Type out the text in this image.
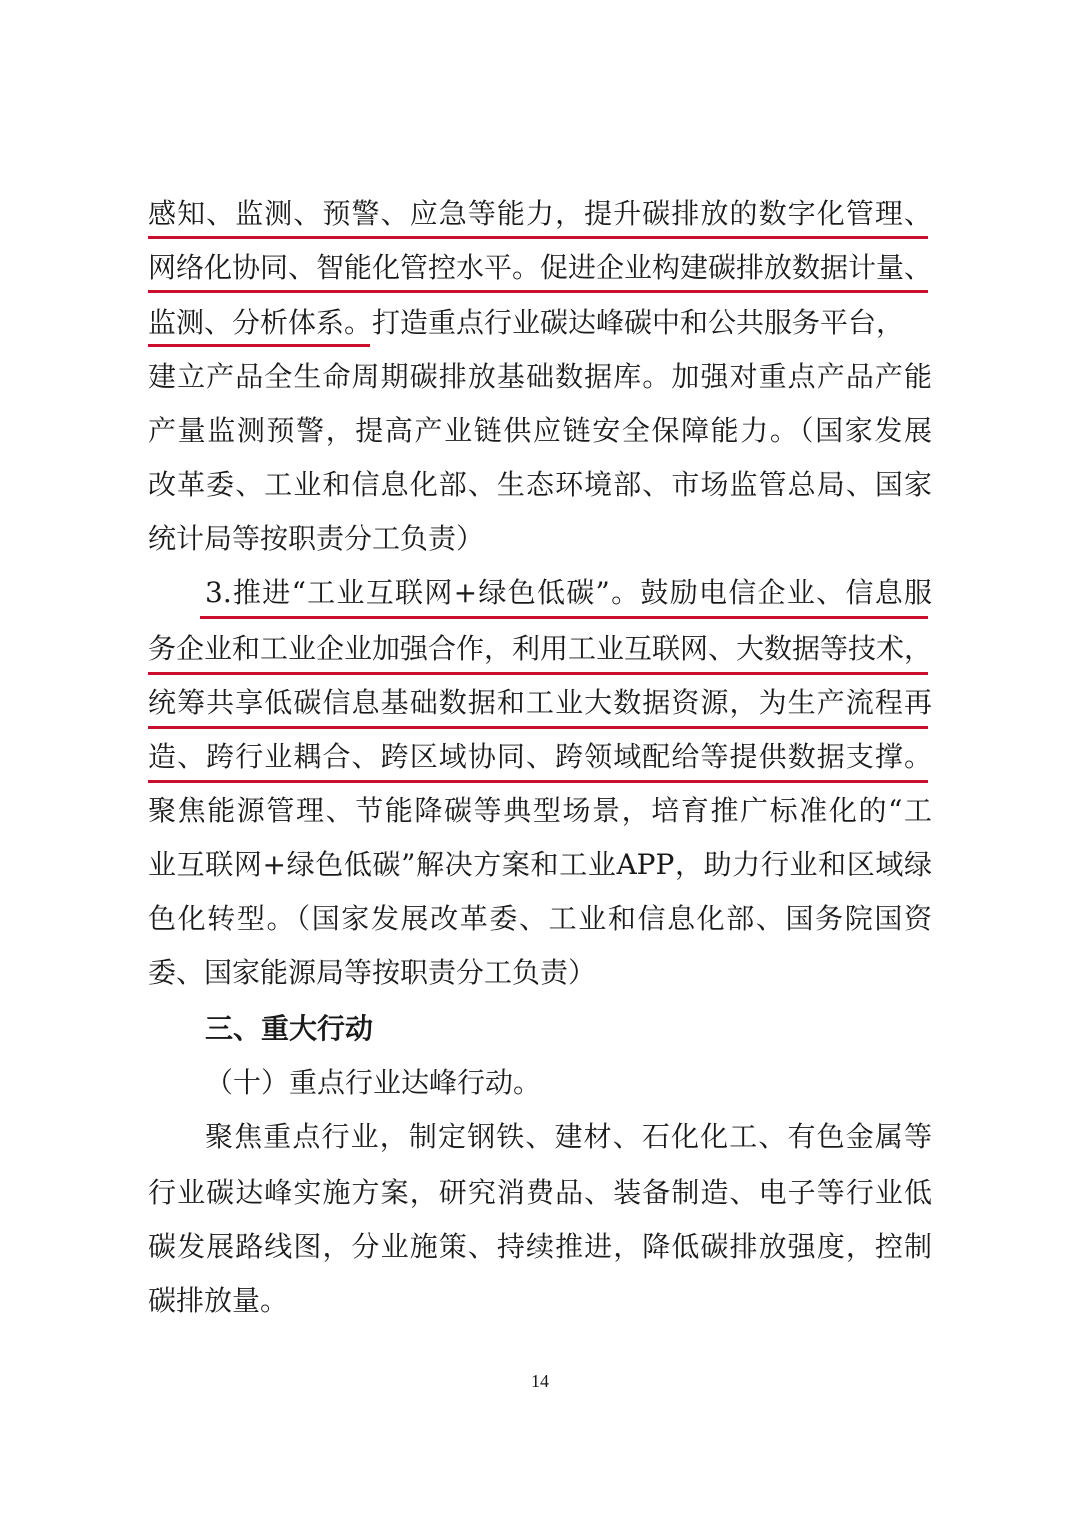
感知、监测、预警、应急等能力，提升碳排放的数字化管理、
网络化协同、智能化管控水平。促进企业构建碳排放数据计量、
监测、分析体系。打造重点行业碳达峰碳中和公共服务平台，
建立产品全生命周期碳排放基础数据库。加强对重点产品产能
产量监测预警，提高产业链供应链安全保障能力。（国家发展
改革委、工业和信息化部、生态环境部、市场监管总局、国家
统计局等按职责分工负责）
3.推进“工业互联网+绿色低碳”。鼓励电信企业、信息服
务企业和工业企业加强合作，利用工业互联网、大数据等技术，
统筹共享低碳信息基础数据和工业大数据资源，为生产流程再
造、跨行业耦合、跨区域协同、跨领域配给等提供数据支撑。
聚焦能源管理、节能降碳等典型场景，培育推广标准化的“工
业互联网+绿色低碳”解决方案和工业APP，助力行业和区域绿
色化转型。（国家发展改革委、工业和信息化部、国务院国资
委、国家能源局等按职责分工负责）
三、重大行动
（十）重点行业达峰行动。
聚焦重点行业，制定钢铁、建材、石化化工、有色金属等
行业碳达峰实施方案，研究消费品、装备制造、电子等行业低
碳发展路线图，分业施策、持续推进，降低碳排放强度，控制
碳排放量。
14
